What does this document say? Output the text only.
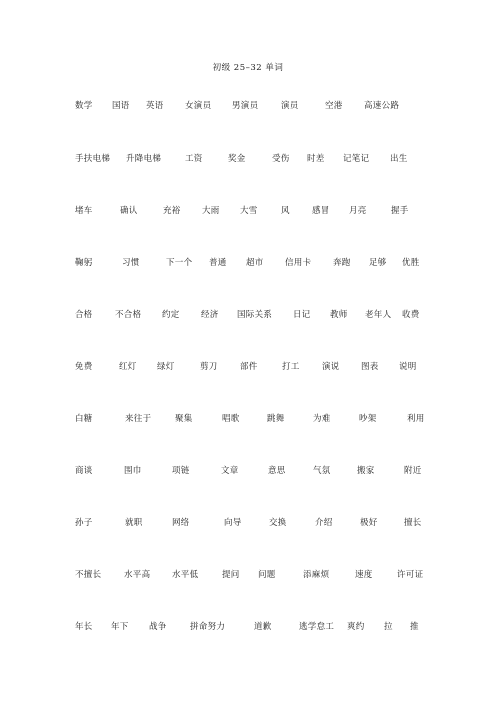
初级 25–32 单词
数学 国语 英语	女演员 男演员	演员	空港	高速公路
手扶电梯 升降电梯	工资	奖金	受伤 时差 记笔记 出生
堵车	确认	充裕	大雨 大雪	风	感冒 月亮	握手
鞠躬	习惯	下一个 普通 超市	信用卡	奔跑 足够 优胜
合格	不合格 约定	经济 国际关系 日记 教师 老年人 收费
免费	红灯 绿灯	剪刀	部件	打工	演说	图表 说明
白糖	来往于	聚集	唱歌	跳舞	为难	吵架	利用
商谈	围巾	项链	文章	意思	气氛	搬家	附近
孙子	就职	网络	向导	交换	介绍	极好	擅长
不擅长	水平高	水平低	提问 问题	添麻烦	速度	许可证
年长 年下 战争	拼命努力	道歉	逃学怠工 爽约 拉 推
